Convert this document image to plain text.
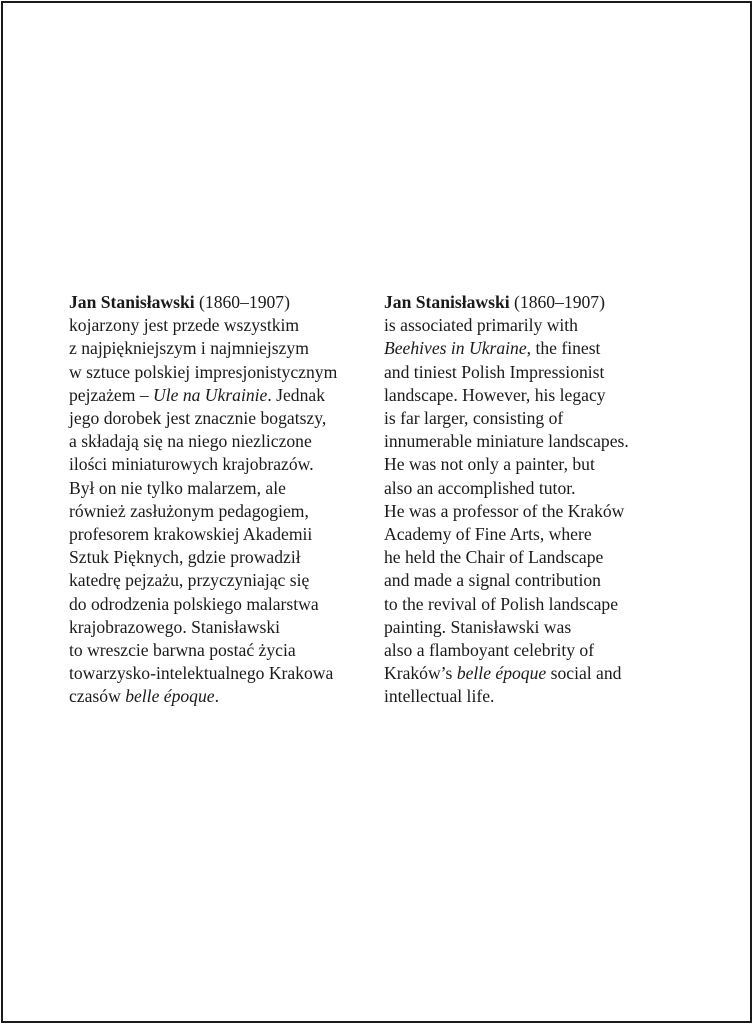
Jan Stanisławski (1860–1907)
kojarzony jest przede wszystkim
z najpiękniejszym i najmniejszym
w sztuce polskiej impresjonistycznym
pejzażem – Ule na Ukrainie. Jednak
jego dorobek jest znacznie bogatszy,
a składają się na niego niezliczone
ilości miniaturowych krajobrazów.
Był on nie tylko malarzem, ale
również zasłużonym pedagogiem,
profesorem krakowskiej Akademii
Sztuk Pięknych, gdzie prowadził
katedrę pejzażu, przyczyniając się
do odrodzenia polskiego malarstwa
krajobrazowego. Stanisławski
to wreszcie barwna postać życia
towarzysko-intelektualnego Krakowa
czasów belle époque.
Jan Stanisławski (1860–1907)
is associated primarily with
Beehives in Ukraine, the finest
and tiniest Polish Impressionist
landscape. However, his legacy
is far larger, consisting of
innumerable miniature landscapes.
He was not only a painter, but
also an accomplished tutor.
He was a professor of the Kraków
Academy of Fine Arts, where
he held the Chair of Landscape
and made a signal contribution
to the revival of Polish landscape
painting. Stanisławski was
also a flamboyant celebrity of
Kraków’s belle époque social and
intellectual life.
